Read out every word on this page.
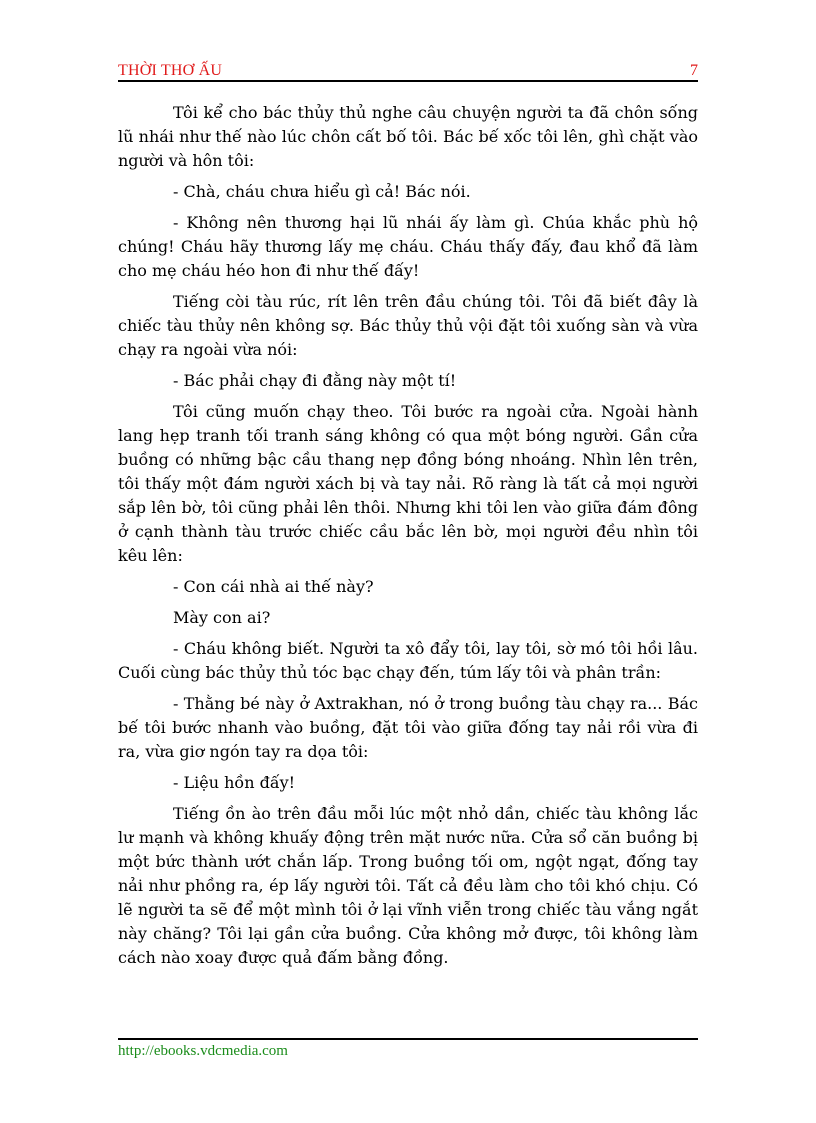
THỜI THƠ ẤU	7

Tôi kể cho bác thủy thủ nghe câu chuyện người ta đã chôn sống lũ nhái như thế nào lúc chôn cất bố tôi. Bác bế xốc tôi lên, ghì chặt vào người và hôn tôi:

- Chà, cháu chưa hiểu gì cả! Bác nói.

- Không nên thương hại lũ nhái ấy làm gì. Chúa khắc phù hộ chúng! Cháu hãy thương lấy mẹ cháu. Cháu thấy đấy, đau khổ đã làm cho mẹ cháu héo hon đi như thế đấy!

Tiếng còi tàu rúc, rít lên trên đầu chúng tôi. Tôi đã biết đây là chiếc tàu thủy nên không sợ. Bác thủy thủ vội đặt tôi xuống sàn và vừa chạy ra ngoài vừa nói:

- Bác phải chạy đi đằng này một tí!

Tôi cũng muốn chạy theo. Tôi bước ra ngoài cửa. Ngoài hành lang hẹp tranh tối tranh sáng không có qua một bóng người. Gần cửa buồng có những bậc cầu thang nẹp đồng bóng nhoáng. Nhìn lên trên, tôi thấy một đám người xách bị và tay nải. Rõ ràng là tất cả mọi người sắp lên bờ, tôi cũng phải lên thôi. Nhưng khi tôi len vào giữa đám đông ở cạnh thành tàu trước chiếc cầu bắc lên bờ, mọi người đều nhìn tôi kêu lên:

- Con cái nhà ai thế này?

Mày con ai?

- Cháu không biết. Người ta xô đẩy tôi, lay tôi, sờ mó tôi hồi lâu. Cuối cùng bác thủy thủ tóc bạc chạy đến, túm lấy tôi và phân trần:

- Thằng bé này ở Axtrakhan, nó ở trong buồng tàu chạy ra... Bác bế tôi bước nhanh vào buồng, đặt tôi vào giữa đống tay nải rồi vừa đi ra, vừa giơ ngón tay ra dọa tôi:

- Liệu hồn đấy!

Tiếng ồn ào trên đầu mỗi lúc một nhỏ dần, chiếc tàu không lắc lư mạnh và không khuấy động trên mặt nước nữa. Cửa sổ căn buồng bị một bức thành ướt chắn lấp. Trong buồng tối om, ngột ngạt, đống tay nải như phồng ra, ép lấy người tôi. Tất cả đều làm cho tôi khó chịu. Có lẽ người ta sẽ để một mình tôi ở lại vĩnh viễn trong chiếc tàu vắng ngắt này chăng? Tôi lại gần cửa buồng. Cửa không mở được, tôi không làm cách nào xoay được quả đấm bằng đồng.

http://ebooks.vdcmedia.com
